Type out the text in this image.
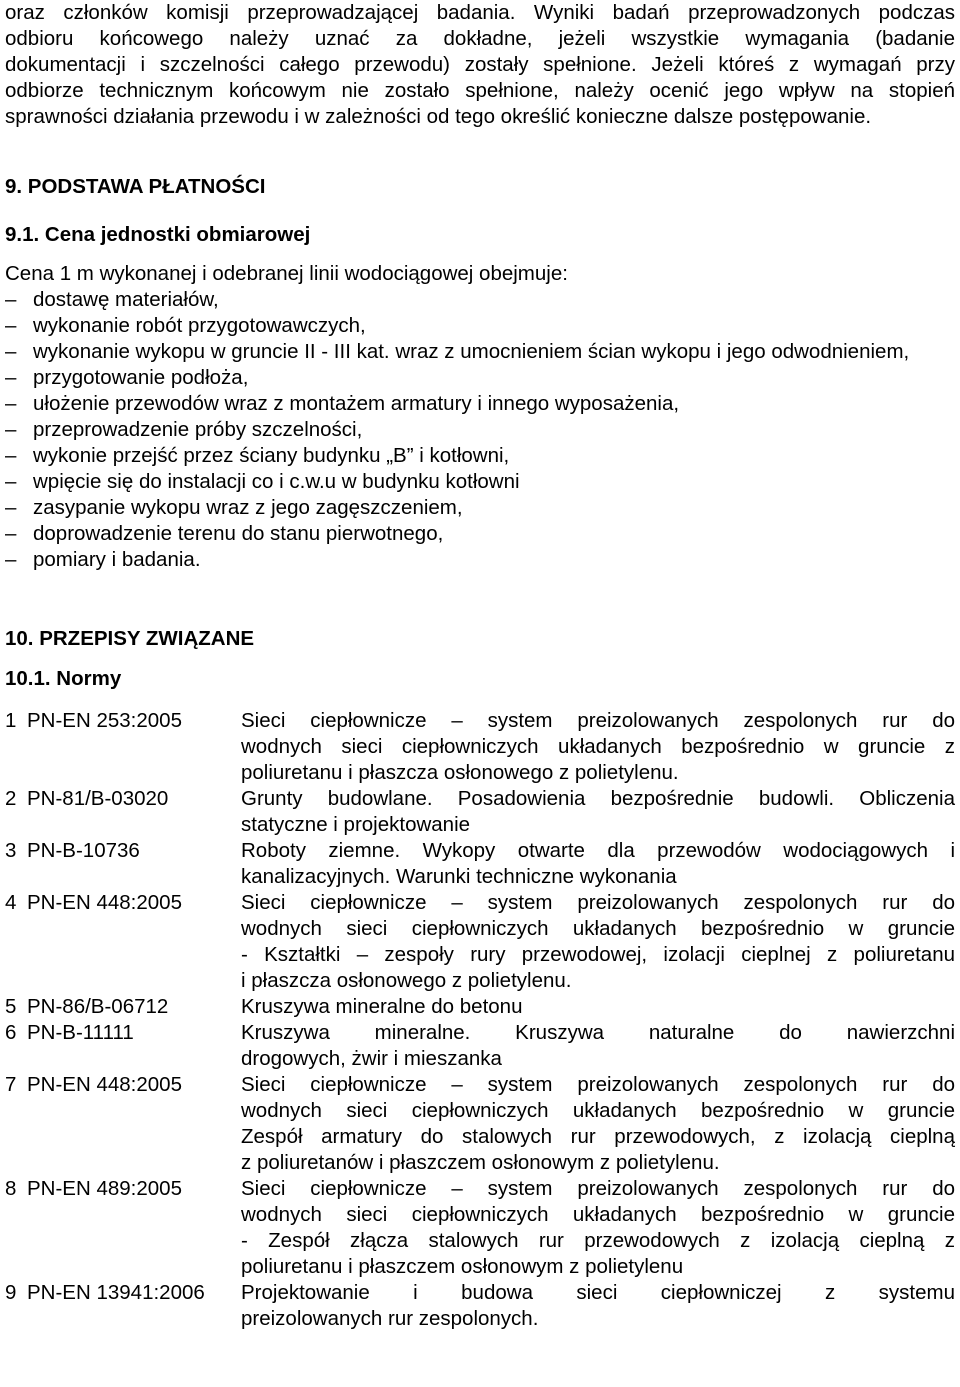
oraz członków komisji przeprowadzającej badania. Wyniki badań przeprowadzonych podczas
odbioru końcowego należy uznać za dokładne, jeżeli wszystkie wymagania (badanie
dokumentacji i szczelności całego przewodu) zostały spełnione. Jeżeli któreś z wymagań przy
odbiorze technicznym końcowym nie zostało spełnione, należy ocenić jego wpływ na stopień
sprawności działania przewodu i w zależności od tego określić konieczne dalsze postępowanie.
9. PODSTAWA PŁATNOŚCI
9.1. Cena jednostki obmiarowej
Cena 1 m wykonanej i odebranej linii wodociągowej obejmuje:
– dostawę materiałów,
– wykonanie robót przygotowawczych,
– wykonanie wykopu w gruncie II - III kat. wraz z umocnieniem ścian wykopu i jego odwodnieniem,
– przygotowanie podłoża,
– ułożenie przewodów wraz z montażem armatury i innego wyposażenia,
– przeprowadzenie próby szczelności,
– wykonie przejść przez ściany budynku „B” i kotłowni,
– wpięcie się do instalacji co i c.w.u w budynku kotłowni
– zasypanie wykopu wraz z jego zagęszczeniem,
– doprowadzenie terenu do stanu pierwotnego,
– pomiary i badania.
10. PRZEPISY ZWIĄZANE
10.1. Normy
1 PN-EN 253:2005	Sieci ciepłownicze – system preizolowanych zespolonych rur do
wodnych sieci ciepłowniczych układanych bezpośrednio w gruncie z
poliuretanu i płaszcza osłonowego z polietylenu.
2 PN-81/B-03020	Grunty budowlane. Posadowienia bezpośrednie budowli. Obliczenia
statyczne i projektowanie
3 PN-B-10736	Roboty ziemne. Wykopy otwarte dla przewodów wodociągowych i
kanalizacyjnych. Warunki techniczne wykonania
4 PN-EN 448:2005	Sieci ciepłownicze – system preizolowanych zespolonych rur do
wodnych sieci ciepłowniczych układanych bezpośrednio w gruncie
- Kształtki – zespoły rury przewodowej, izolacji cieplnej z poliuretanu
i płaszcza osłonowego z polietylenu.
5 PN-86/B-06712	Kruszywa mineralne do betonu
6 PN-B-11111	Kruszywa mineralne. Kruszywa naturalne do nawierzchni
drogowych, żwir i mieszanka
7 PN-EN 448:2005	Sieci ciepłownicze – system preizolowanych zespolonych rur do
wodnych sieci ciepłowniczych układanych bezpośrednio w gruncie
Zespół armatury do stalowych rur przewodowych, z izolacją cieplną
z poliuretanów i płaszczem osłonowym z polietylenu.
8 PN-EN 489:2005	Sieci ciepłownicze – system preizolowanych zespolonych rur do
wodnych sieci ciepłowniczych układanych bezpośrednio w gruncie
- Zespół złącza stalowych rur przewodowych z izolacją cieplną z
poliuretanu i płaszczem osłonowym z polietylenu
9 PN-EN 13941:2006	Projektowanie i budowa sieci ciepłowniczej z systemu
preizolowanych rur zespolonych.
